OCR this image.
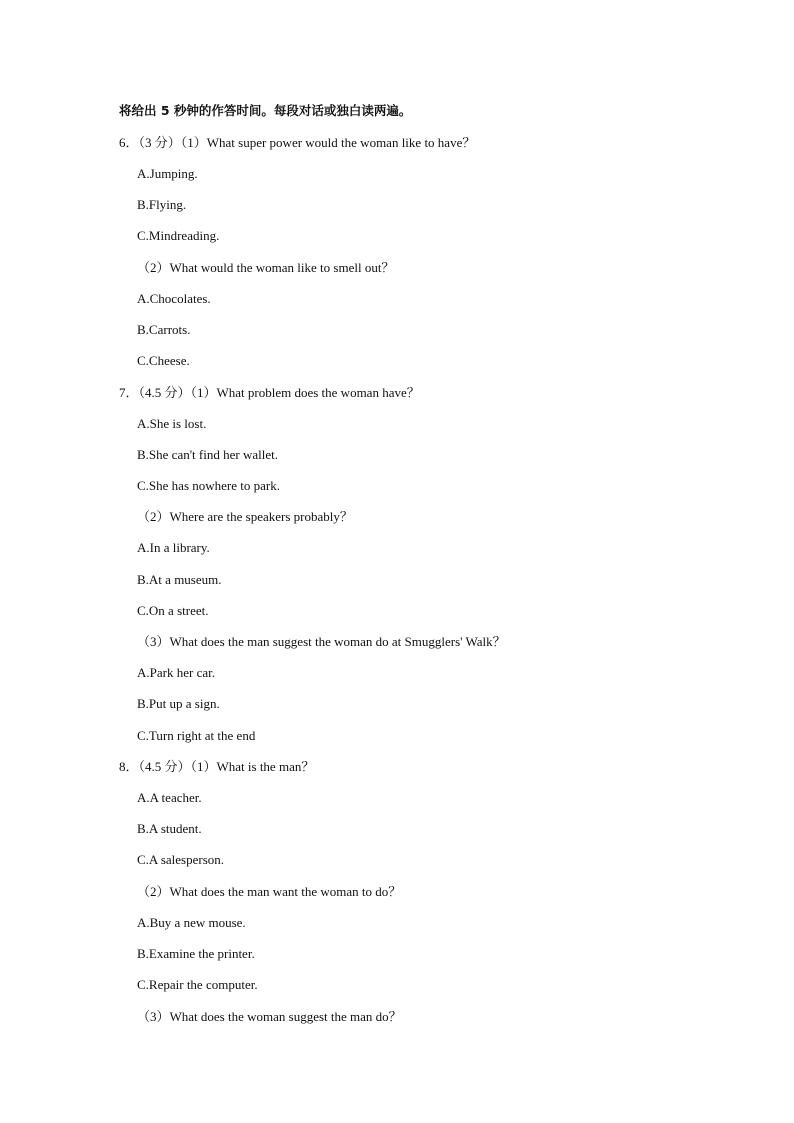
将给出 5 秒钟的作答时间。每段对话或独白读两遍。
6．（3 分）（1）What super power would the woman like to have？
A.Jumping.
B.Flying.
C.Mindreading.
（2）What would the woman like to smell out？
A.Chocolates.
B.Carrots.
C.Cheese.
7．（4.5 分）（1）What problem does the woman have？
A.She is lost.
B.She can't find her wallet.
C.She has nowhere to park.
（2）Where are the speakers probably？
A.In a library.
B.At a museum.
C.On a street.
（3）What does the man suggest the woman do at Smugglers' Walk？
A.Park her car.
B.Put up a sign.
C.Turn right at the end
8．（4.5 分）（1）What is the man？
A.A teacher.
B.A student.
C.A salesperson.
（2）What does the man want the woman to do？
A.Buy a new mouse.
B.Examine the printer.
C.Repair the computer.
（3）What does the woman suggest the man do？
